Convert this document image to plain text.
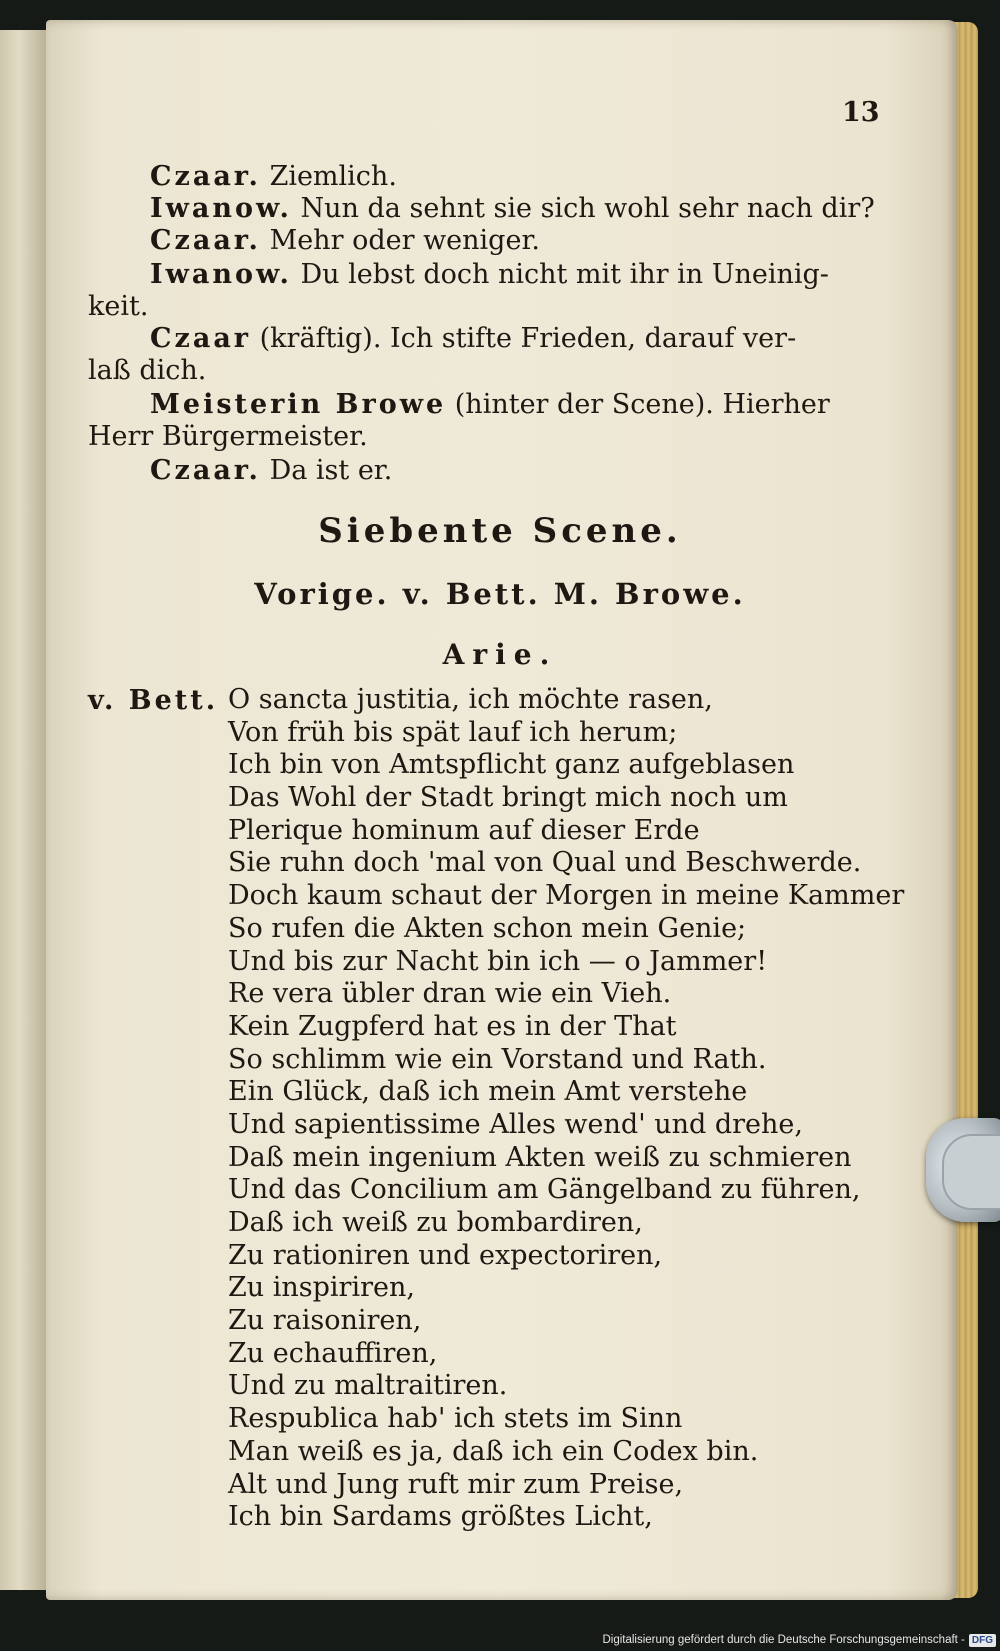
13
Czaar. Ziemlich.
Iwanow. Nun da sehnt sie sich wohl sehr nach dir?
Czaar. Mehr oder weniger.
Iwanow. Du lebst doch nicht mit ihr in Uneinig-
keit.
Czaar (kräftig). Ich stifte Frieden, darauf ver-
laß dich.
Meisterin Browe (hinter der Scene). Hierher
Herr Bürgermeister.
Czaar. Da ist er.
Siebente Scene.
Vorige. v. Bett. M. Browe.
Arie.
v. Bett. O sancta justitia, ich möchte rasen,
Von früh bis spät lauf ich herum;
Ich bin von Amtspflicht ganz aufgeblasen
Das Wohl der Stadt bringt mich noch um
Plerique hominum auf dieser Erde
Sie ruhn doch 'mal von Qual und Beschwerde.
Doch kaum schaut der Morgen in meine Kammer
So rufen die Akten schon mein Genie;
Und bis zur Nacht bin ich — o Jammer!
Re vera übler dran wie ein Vieh.
Kein Zugpferd hat es in der That
So schlimm wie ein Vorstand und Rath.
Ein Glück, daß ich mein Amt verstehe
Und sapientissime Alles wend' und drehe,
Daß mein ingenium Akten weiß zu schmieren
Und das Concilium am Gängelband zu führen,
Daß ich weiß zu bombardiren,
Zu rationiren und expectoriren,
Zu inspiriren,
Zu raisoniren,
Zu echauffiren,
Und zu maltraitiren.
Respublica hab' ich stets im Sinn
Man weiß es ja, daß ich ein Codex bin.
Alt und Jung ruft mir zum Preise,
Ich bin Sardams größtes Licht,
Digitalisierung gefördert durch die Deutsche Forschungsgemeinschaft - DFG
